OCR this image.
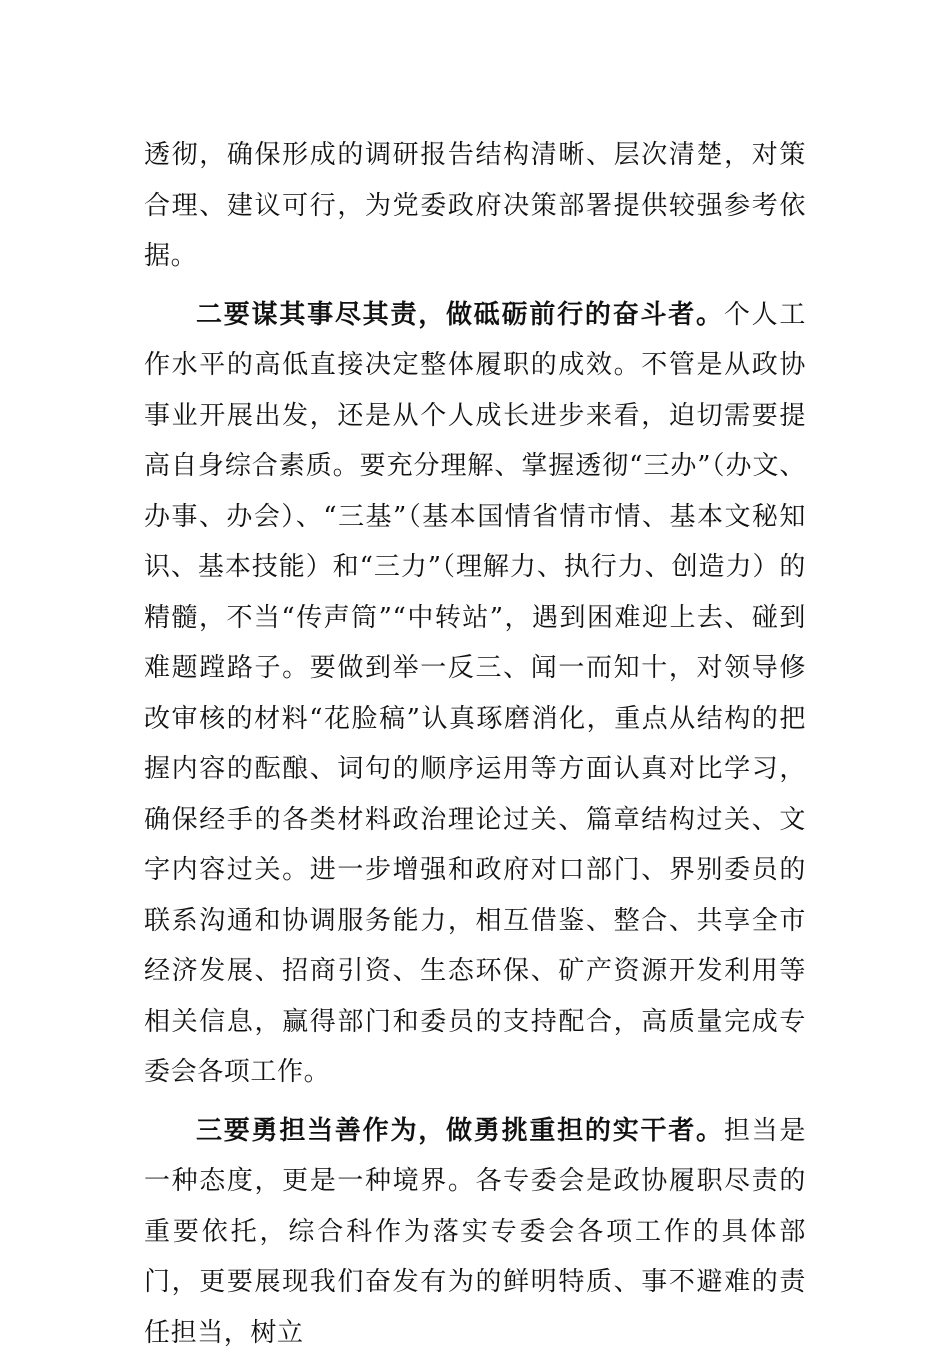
透彻，确保形成的调研报告结构清晰、层次清楚，对策合理、建议可行，为党委政府决策部署提供较强参考依据。

二要谋其事尽其责，做砥砺前行的奋斗者。个人工作水平的高低直接决定整体履职的成效。不管是从政协事业开展出发，还是从个人成长进步来看，迫切需要提高自身综合素质。要充分理解、掌握透彻“三办”（办文、办事、办会）、“三基”（基本国情省情市情、基本文秘知识、基本技能）和“三力”（理解力、执行力、创造力）的精髓，不当“传声筒”“中转站”，遇到困难迎上去、碰到难题蹚路子。要做到举一反三、闻一而知十，对领导修改审核的材料“花脸稿”认真琢磨消化，重点从结构的把握内容的酝酿、词句的顺序运用等方面认真对比学习，确保经手的各类材料政治理论过关、篇章结构过关、文字内容过关。进一步增强和政府对口部门、界别委员的联系沟通和协调服务能力，相互借鉴、整合、共享全市经济发展、招商引资、生态环保、矿产资源开发利用等相关信息，赢得部门和委员的支持配合，高质量完成专委会各项工作。

三要勇担当善作为，做勇挑重担的实干者。担当是一种态度，更是一种境界。各专委会是政协履职尽责的重要依托，综合科作为落实专委会各项工作的具体部门，更要展现我们奋发有为的鲜明特质、事不避难的责任担当，树立
